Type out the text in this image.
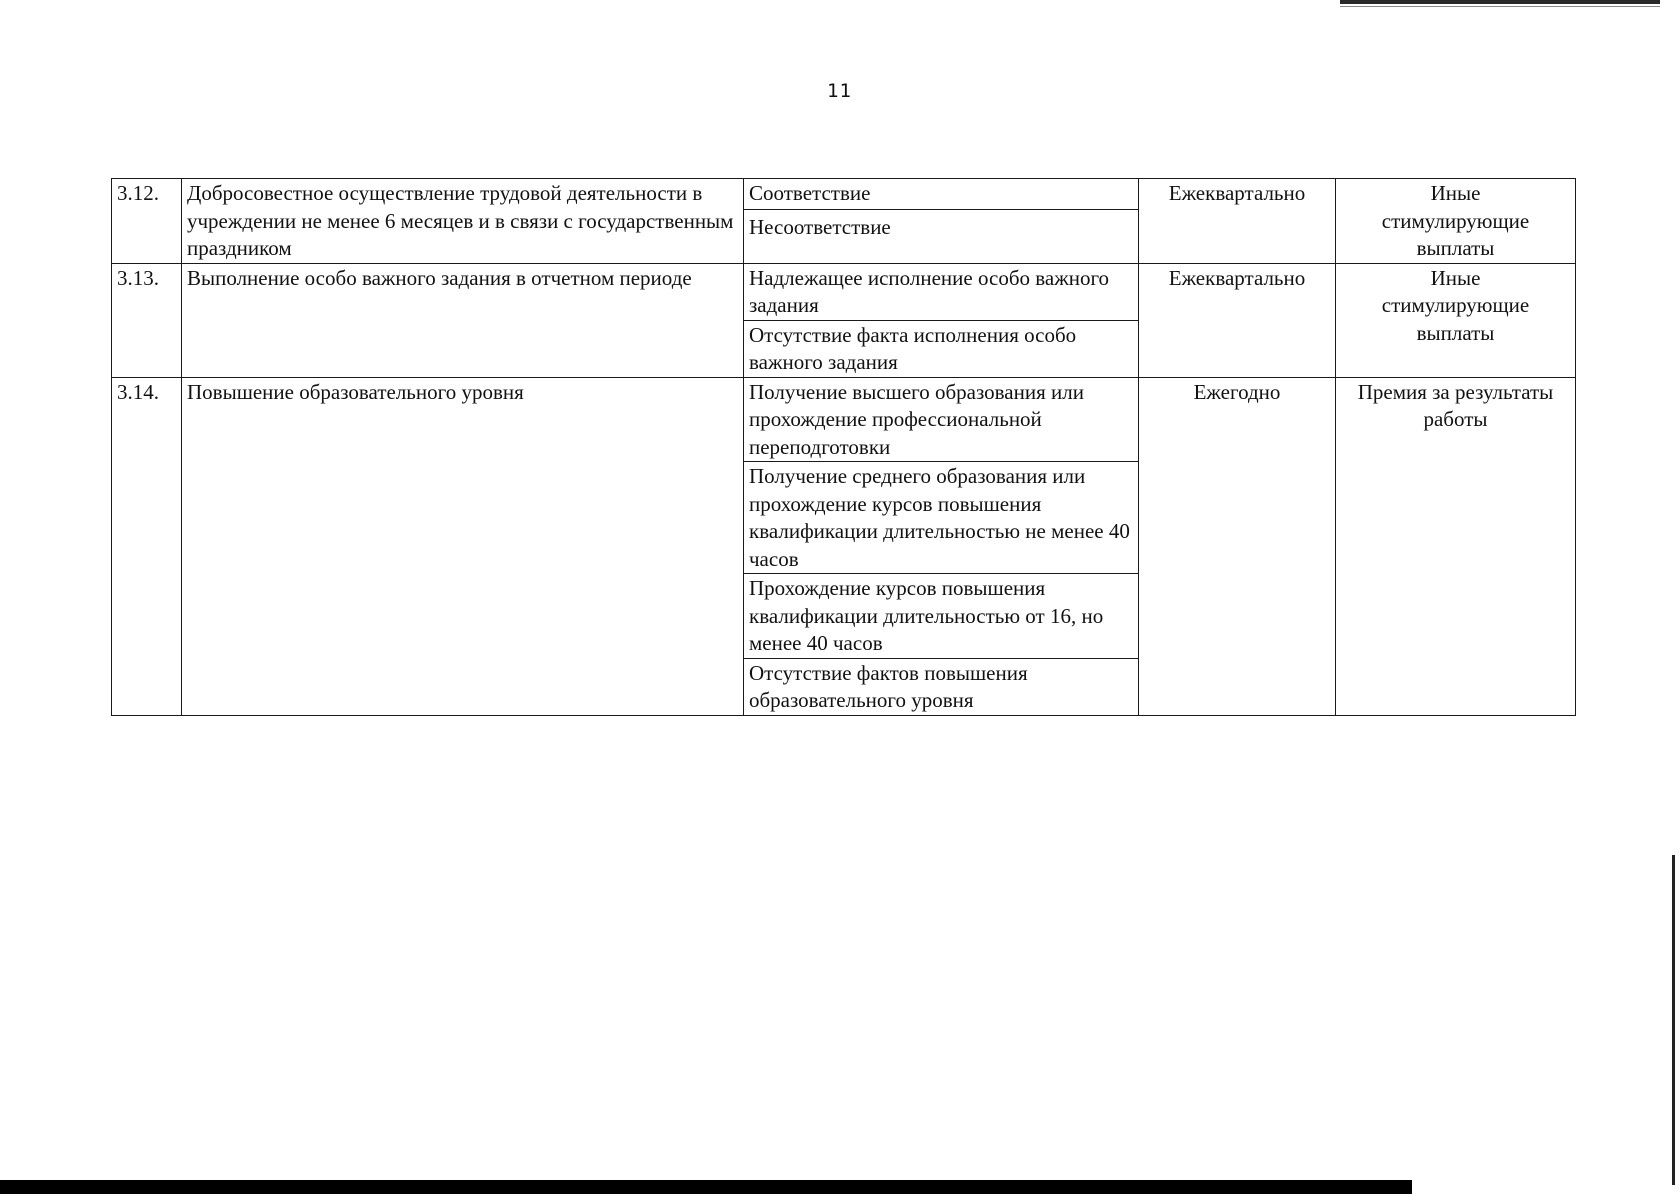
11
3.12.	Добросовестное осуществление трудовой деятельности в учреждении не менее 6 месяцев и в связи с государственным праздником	Соответствие	Ежеквартально	Иные стимулирующие выплаты
		Несоответствие		
3.13.	Выполнение особо важного задания в отчетном периоде	Надлежащее исполнение особо важного задания	Ежеквартально	Иные стимулирующие выплаты
		Отсутствие факта исполнения особо важного задания		
3.14.	Повышение образовательного уровня	Получение высшего образования или прохождение профессиональной переподготовки	Ежегодно	Премия за результаты работы
		Получение среднего образования или прохождение курсов повышения квалификации длительностью не менее 40 часов		
		Прохождение курсов повышения квалификации длительностью от 16, но менее 40 часов		
		Отсутствие фактов повышения образовательного уровня		
